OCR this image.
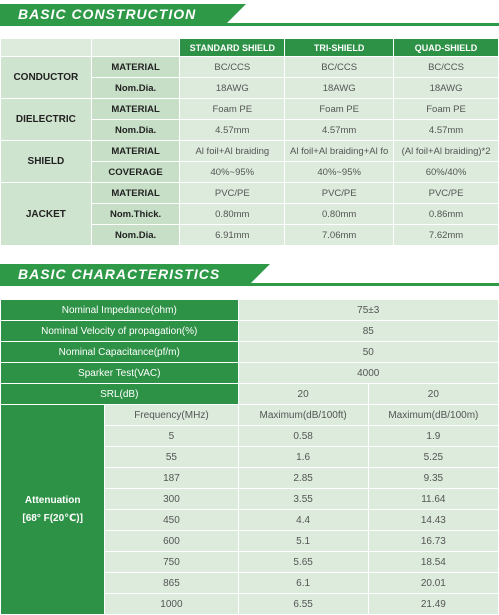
BASIC CONSTRUCTION
		STANDARD SHIELD	TRI-SHIELD	QUAD-SHIELD
CONDUCTOR	MATERIAL	BC/CCS	BC/CCS	BC/CCS
	Nom.Dia.	18AWG	18AWG	18AWG
DIELECTRIC	MATERIAL	Foam PE	Foam PE	Foam PE
	Nom.Dia.	4.57mm	4.57mm	4.57mm
SHIELD	MATERIAL	Al foil+Al braiding	Al foil+Al braiding+Al fo	(Al foil+Al braiding)*2
	COVERAGE	40%~95%	40%~95%	60%/40%
JACKET	MATERIAL	PVC/PE	PVC/PE	PVC/PE
	Nom.Thick.	0.80mm	0.80mm	0.86mm
	Nom.Dia.	6.91mm	7.06mm	7.62mm
BASIC CHARACTERISTICS
Nominal Impedance(ohm)		75±3	
Nominal Velocity of propagation(%)		85	
Nominal Capacitance(pf/m)		50	
Sparker Test(VAC)		4000	
SRL(dB)		20	20

Attenuation
[68° F(20℃)]	Frequency(MHz)	Maximum(dB/100ft)	Maximum(dB/100m)
	5	0.58	1.9
	55	1.6	5.25
	187	2.85	9.35
	300	3.55	11.64
	450	4.4	14.43
	600	5.1	16.73
	750	5.65	18.54
	865	6.1	20.01
	1000	6.55	21.49
